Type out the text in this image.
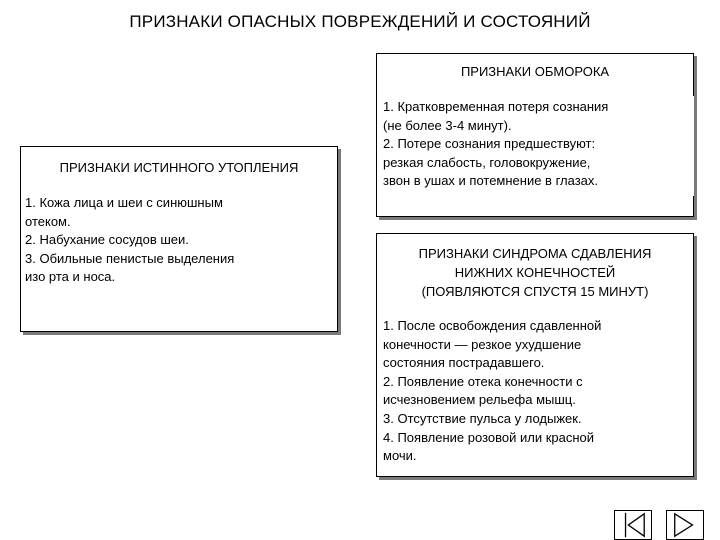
ПРИЗНАКИ ОПАСНЫХ ПОВРЕЖДЕНИЙ И СОСТОЯНИЙ
ПРИЗНАКИ ИСТИННОГО УТОПЛЕНИЯ
1. Кожа лица и шеи с синюшным
отеком.
2. Набухание сосудов шеи.
3. Обильные пенистые выделения
изо рта и носа.
ПРИЗНАКИ ОБМОРОКА
1. Кратковременная потеря сознания
(не более 3-4 минут).
2. Потере сознания предшествуют:
резкая слабость, головокружение,
звон в ушах и потемнение в глазах.
ПРИЗНАКИ СИНДРОМА СДАВЛЕНИЯ
НИЖНИХ КОНЕЧНОСТЕЙ
(ПОЯВЛЯЮТСЯ СПУСТЯ 15 МИНУТ)
1. После освобождения сдавленной
конечности — резкое ухудшение
состояния пострадавшего.
2. Появление отека конечности с
исчезновением рельефа мышц.
3. Отсутствие пульса у лодыжек.
4. Появление розовой или красной
мочи.
